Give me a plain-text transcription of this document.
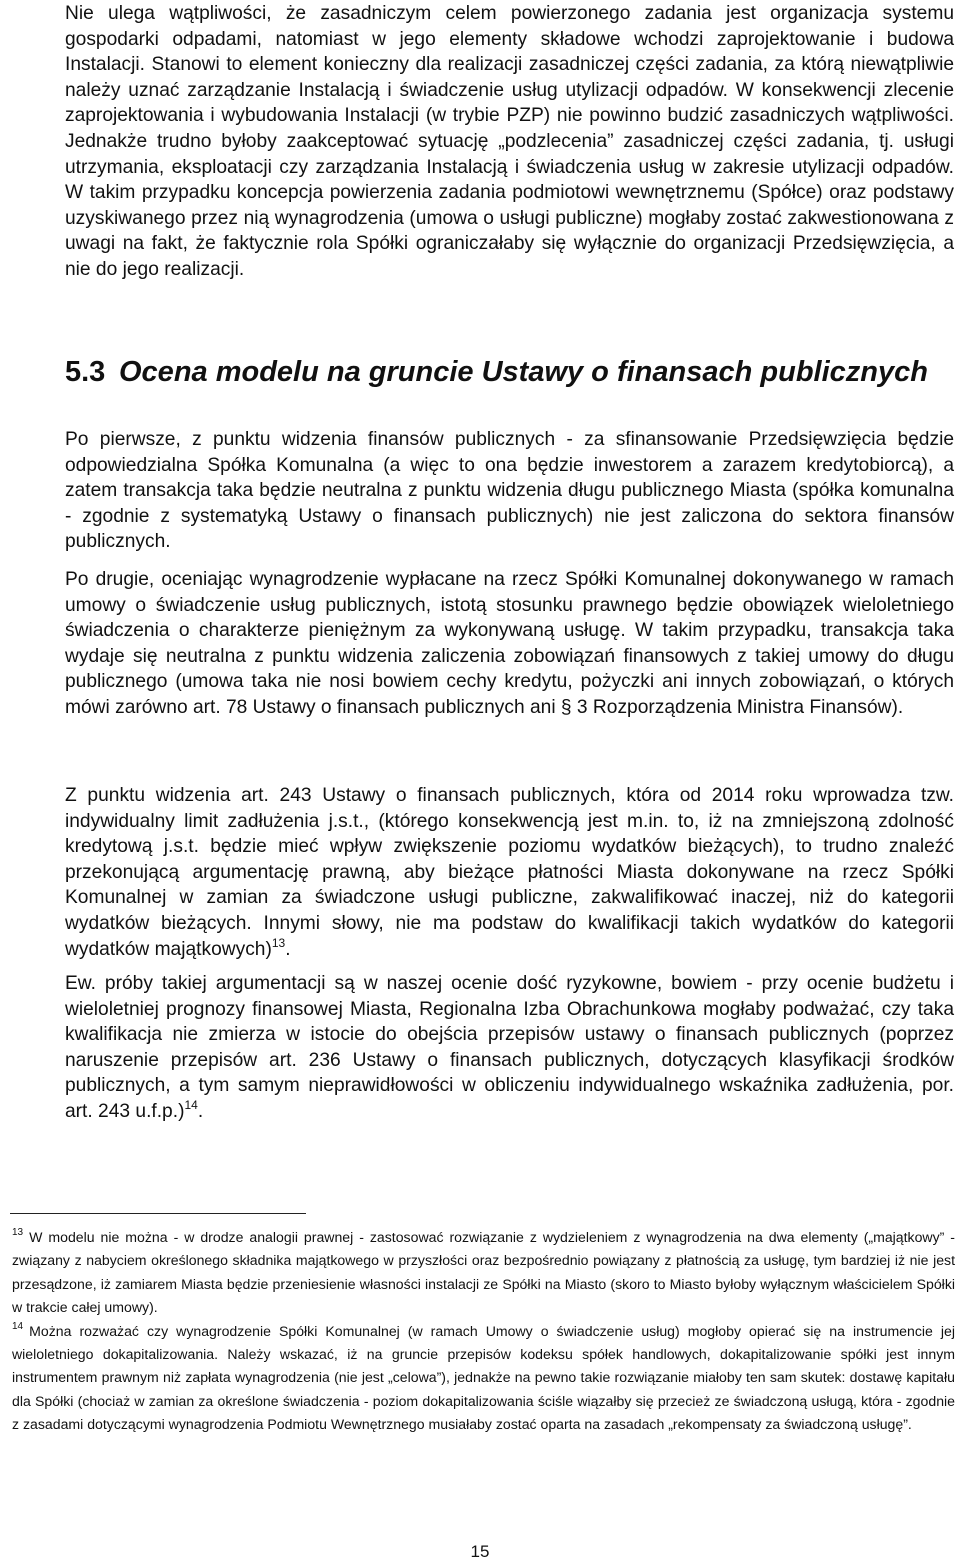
Nie ulega wątpliwości, że zasadniczym celem powierzonego zadania jest organizacja systemu gospodarki odpadami, natomiast w jego elementy składowe wchodzi zaprojektowanie i budowa Instalacji. Stanowi to element konieczny dla realizacji zasadniczej części zadania, za którą niewątpliwie należy uznać zarządzanie Instalacją i świadczenie usług utylizacji odpadów. W konsekwencji zlecenie zaprojektowania i wybudowania Instalacji (w trybie PZP) nie powinno budzić zasadniczych wątpliwości. Jednakże trudno byłoby zaakceptować sytuację „podzlecenia” zasadniczej części zadania, tj. usługi utrzymania, eksploatacji czy zarządzania Instalacją i świadczenia usług w zakresie utylizacji odpadów. W takim przypadku koncepcja powierzenia zadania podmiotowi wewnętrznemu (Spółce) oraz podstawy uzyskiwanego przez nią wynagrodzenia (umowa o usługi publiczne) mogłaby zostać zakwestionowana z uwagi na fakt, że faktycznie rola Spółki ograniczałaby się wyłącznie do organizacji Przedsięwzięcia, a nie do jego realizacji.

5.3 Ocena modelu na gruncie Ustawy o finansach publicznych

Po pierwsze, z punktu widzenia finansów publicznych - za sfinansowanie Przedsięwzięcia będzie odpowiedzialna Spółka Komunalna (a więc to ona będzie inwestorem a zarazem kredytobiorcą), a zatem transakcja taka będzie neutralna z punktu widzenia długu publicznego Miasta (spółka komunalna - zgodnie z systematyką Ustawy o finansach publicznych) nie jest zaliczona do sektora finansów publicznych.

Po drugie, oceniając wynagrodzenie wypłacane na rzecz Spółki Komunalnej dokonywanego w ramach umowy o świadczenie usług publicznych, istotą stosunku prawnego będzie obowiązek wieloletniego świadczenia o charakterze pieniężnym za wykonywaną usługę. W takim przypadku, transakcja taka wydaje się neutralna z punktu widzenia zaliczenia zobowiązań finansowych z takiej umowy do długu publicznego (umowa taka nie nosi bowiem cechy kredytu, pożyczki ani innych zobowiązań, o których mówi zarówno art. 78 Ustawy o finansach publicznych ani § 3 Rozporządzenia Ministra Finansów).

Z punktu widzenia art. 243 Ustawy o finansach publicznych, która od 2014 roku wprowadza tzw. indywidualny limit zadłużenia j.s.t., (którego konsekwencją jest m.in. to, iż na zmniejszoną zdolność kredytową j.s.t. będzie mieć wpływ zwiększenie poziomu wydatków bieżących), to trudno znaleźć przekonującą argumentację prawną, aby bieżące płatności Miasta dokonywane na rzecz Spółki Komunalnej w zamian za świadczone usługi publiczne, zakwalifikować inaczej, niż do kategorii wydatków bieżących. Innymi słowy, nie ma podstaw do kwalifikacji takich wydatków do kategorii wydatków majątkowych)$^{13}$.

Ew. próby takiej argumentacji są w naszej ocenie dość ryzykowne, bowiem - przy ocenie budżetu i wieloletniej prognozy finansowej Miasta, Regionalna Izba Obrachunkowa mogłaby podważać, czy taka kwalifikacja nie zmierza w istocie do obejścia przepisów ustawy o finansach publicznych (poprzez naruszenie przepisów art. 236 Ustawy o finansach publicznych, dotyczących klasyfikacji środków publicznych, a tym samym nieprawidłowości w obliczeniu indywidualnego wskaźnika zadłużenia, por. art. 243 u.f.p.)$^{14}$.

$^{13}$ W modelu nie można - w drodze analogii prawnej - zastosować rozwiązanie z wydzieleniem z wynagrodzenia na dwa elementy („majątkowy” - związany z nabyciem określonego składnika majątkowego w przyszłości oraz bezpośrednio powiązany z płatnością za usługę, tym bardziej iż nie jest przesądzone, iż zamiarem Miasta będzie przeniesienie własności instalacji ze Spółki na Miasto (skoro to Miasto byłoby wyłącznym właścicielem Spółki w trakcie całej umowy).

$^{14}$ Można rozważać czy wynagrodzenie Spółki Komunalnej (w ramach Umowy o świadczenie usług) mogłoby opierać się na instrumencie jej wieloletniego dokapitalizowania. Należy wskazać, iż na gruncie przepisów kodeksu spółek handlowych, dokapitalizowanie spółki jest innym instrumentem prawnym niż zapłata wynagrodzenia (nie jest „celowa”), jednakże na pewno takie rozwiązanie miałoby ten sam skutek: dostawę kapitału dla Spółki (chociaż w zamian za określone świadczenia - poziom dokapitalizowania ściśle wiązałby się przecież ze świadczoną usługą, która - zgodnie z zasadami dotyczącymi wynagrodzenia Podmiotu Wewnętrznego musiałaby zostać oparta na zasadach „rekompensaty za świadczoną usługę”.

15
